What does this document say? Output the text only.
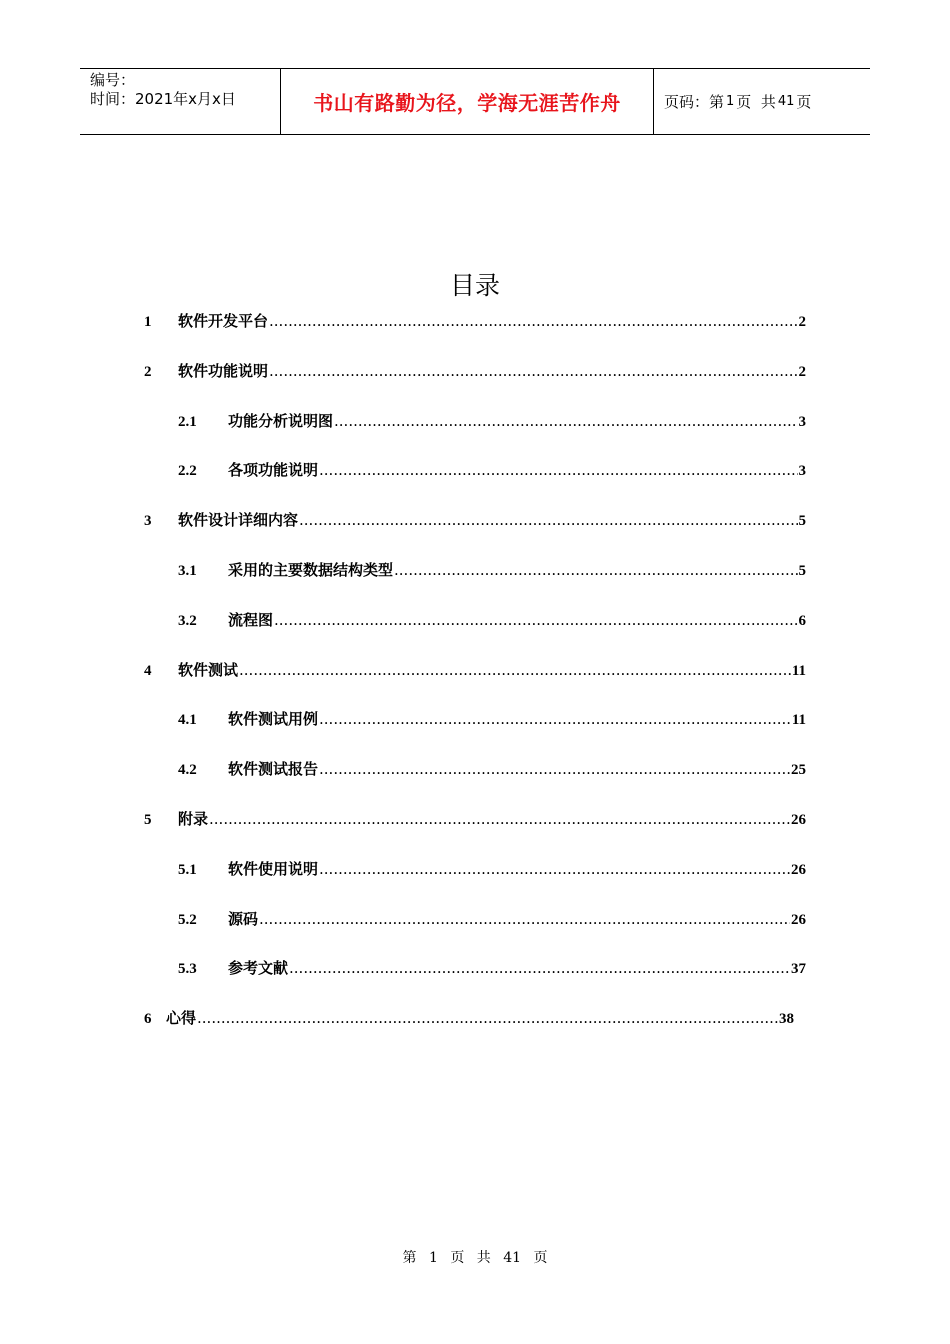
编号：
时间：2021年x月x日	书山有路勤为径，学海无涯苦作舟	页码：第 1 页  共 41 页
目录
1	软件开发平台 .....	2
2	软件功能说明 .....	2
2.1	功能分析说明图 .....	3
2.2	各项功能说明 .....	3
3	软件设计详细内容 .....	5
3.1	采用的主要数据结构类型 .....	5
3.2	流程图 .....	6
4	软件测试 .....	11
4.1	软件测试用例 .....	11
4.2	软件测试报告 .....	25
5	附录 .....	26
5.1	软件使用说明 .....	26
5.2	源码 .....	26
5.3	参考文献 .....	37
6 心得 .....	38
第 1 页 共 41 页
